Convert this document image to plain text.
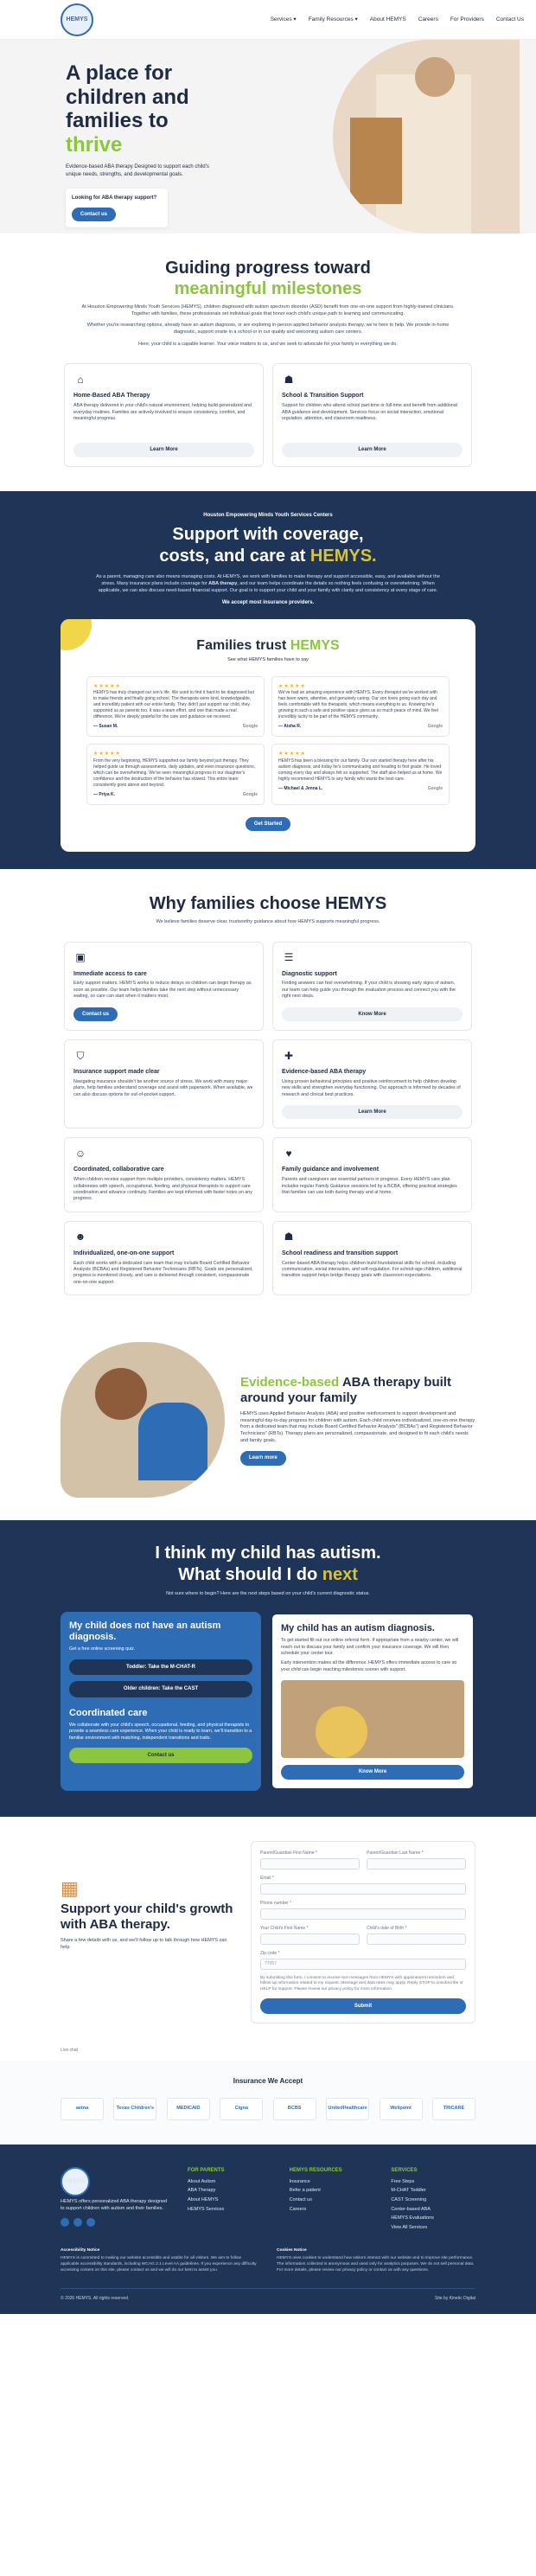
HEMYS	Services ▾ Family Resources ▾ About HEMYS Careers For Providers Contact Us
A place for children and families to thrive

Evidence-based ABA therapy Designed to support each child's unique needs, strengths, and developmental goals.

Looking for ABA therapy support?
Contact us
Guiding progress toward
meaningful milestones

At Houston Empowering Minds Youth Services (HEMYS), children diagnosed with autism spectrum disorder (ASD) benefit from one-on-one support from highly-trained clinicians. Together with families, these professionals set individual goals that honor each child's unique path to learning and communicating.

Whether you're researching options, already have an autism diagnosis, or are exploring in-person applied behavior analysis therapy, we're here to help. We provide in-home diagnostic, support onsite in a school or in our quality and welcoming autism care centers.

Here, your child is a capable learner. Your voice matters to us, and we seek to advocate for your family in everything we do.

⌂
Home-Based ABA Therapy

ABA therapy delivered in your child's natural environment, helping build generalized and everyday routines. Families are actively involved to ensure consistency, comfort, and meaningful progress.

Learn More
☗
School & Transition Support

Support for children who attend school part-time or full-time and benefit from additional ABA guidance and development. Services focus on social interaction, emotional regulation, attention, and classroom readiness.

Learn More
Houston Empowering Minds Youth Services Centers
Support with coverage,
costs, and care at HEMYS.

As a parent, managing care also means managing costs. At HEMYS, we work with families to make therapy and support accessible, easy, and available without the stress. Many insurance plans include coverage for ABA therapy, and our team helps coordinate the details so nothing feels confusing or overwhelming. When applicable, we can also discuss need-based financial support. Our goal is to support your child and your family with clarity and consistency at every stage of care.

We accept most insurance providers.
Families trust HEMYS
See what HEMYS families have to say
★★★★★
HEMYS has truly changed our son's life. We used to find it hard to be diagnosed but to make friends and finally going school. The therapists were kind, knowledgeable, and incredibly patient with our entire family. They didn't just support our child, they supported us as parents too. It was a team effort, and one that made a real difference. We're deeply grateful for the care and guidance we received.
— Susan M.	Google
★★★★★
We've had an amazing experience with HEMYS. Every therapist we've worked with has been warm, attentive, and genuinely caring. Our son loves going each day and feels comfortable with his therapists, which means everything to us. Knowing he's growing in such a safe and positive space gives us so much peace of mind. We feel incredibly lucky to be part of the HEMYS community.
— Aisha R.	Google
★★★★★
From the very beginning, HEMYS supported our family beyond just therapy. They helped guide us through assessments, daily updates, and even insurance questions, which can be overwhelming. We've seen meaningful progress in our daughter's confidence and the destruction of the behavior has slowed. This entire team consistently goes above and beyond.
— Priya K.	Google
★★★★★
HEMYS has been a blessing for our family. Our son started therapy here after his autism diagnosis, and today he's communicating and heading to first grade. He loved coming every day and always felt so supported. The staff also helped us at home. We highly recommend HEMYS to any family who wants the best care.
— Michael & Jenna L.	Google
Get Started
Why families choose HEMYS

We believe families deserve clear, trustworthy guidance about how HEMYS supports meaningful progress.

▣
Immediate access to care

Early support matters. HEMYS works to reduce delays so children can begin therapy as soon as possible. Our team helps families take the next step without unnecessary waiting, so care can start when it matters most.

Contact us
☰
Diagnostic support

Finding answers can feel overwhelming. If your child is showing early signs of autism, our team can help guide you through the evaluation process and connect you with the right next steps.

Know More
⛉
Insurance support made clear

Navigating insurance shouldn't be another source of stress. We work with many major plans, help families understand coverage and assist with paperwork. When available, we can also discuss options for out-of-pocket support.

✚
Evidence-based ABA therapy

Using proven behavioral principles and positive reinforcement to help children develop new skills and strengthen everyday functioning. Our approach is informed by decades of research and clinical best practices.

Learn More
☺
Coordinated, collaborative care

When children receive support from multiple providers, consistency matters. HEMYS collaborates with speech, occupational, feeding, and physical therapists to support care coordination and advance continuity. Families are kept informed with faster notes on any progress.

♥
Family guidance and involvement

Parents and caregivers are essential partners in progress. Every HEMYS care plan includes regular Family Guidance sessions led by a BCBA, offering practical strategies that families can use both during therapy and at home.

☻
Individualized, one-on-one support

Each child works with a dedicated care team that may include Board Certified Behavior Analysts (BCBAs) and Registered Behavior Technicians (RBTs). Goals are personalized, progress is monitored closely, and care is delivered through consistent, compassionate one-on-one support.

☗
School readiness and transition support

Center-based ABA therapy helps children build foundational skills for school, including communication, social interaction, and self-regulation. For school-age children, additional transition support helps bridge therapy goals with classroom expectations.

Evidence-based ABA therapy built around your family

HEMYS uses Applied Behavior Analysis (ABA) and positive reinforcement to support development and meaningful day-to-day progress for children with autism. Each child receives individualized, one-on-one therapy from a dedicated team that may include Board Certified Behavior Analysts" (BCBAs") and Registered Behavior Technicians" (RBTs). Therapy plans are personalized, compassionate, and designed to fit each child's needs and family goals.

Learn more
I think my child has autism.
What should I do next
Not sure where to begin? Here are the next steps based on your child's current diagnostic status.
My child does not have an autism diagnosis.

Get a free online screening quiz.

Toddler: Take the M-CHAT-R
Older children: Take the CAST
Coordinated care

We collaborate with your child's speech, occupational, feeding, and physical therapists to provide a seamless care experience. When your child is ready to learn, we'll transition to a familiar environment with matching, independent transitions and traits.

Contact us
My child has an autism diagnosis.

To get started fill out our online referral form. If appropriate from a nearby center, we will reach out to discuss your family and confirm your insurance coverage. We will then schedule your center tour.

Early intervention makes all the difference. HEMYS offers immediate access to care so your child can begin reaching milestones sooner with support.

Know More
▦
Support your child's growth with ABA therapy.

Share a few details with us, and we'll follow up to talk through how HEMYS can help.

Parent/Guardian First Name *	Parent/Guardian Last Name *
Email *
Phone number *
Your Child's First Name *	Child's date of Birth *
Zip code *
77057
By submitting this form, I consent to receive text messages from HEMYS with appointment reminders and follow-up information related to my request. Message and data rates may apply. Reply STOP to unsubscribe or HELP for support. Please review our privacy policy for more information.
Submit
Live chat
Insurance We Accept
aetna	Texas Children's	MEDICAID	Cigna	BCBS	UnitedHealthcare	Wellpoint	TRICARE
HEMYS
HEMYS offers personalized ABA therapy designed to support children with autism and their families.
FOR PARENTS
About Autism
ABA Therapy
About HEMYS
HEMYS Services
HEMYS RESOURCES
Insurance
Refer a patient
Contact us
Careers
SERVICES
Free Steps
M-CHAT Toddler
CAST Screening
Center-based ABA
HEMYS Evaluations
View All Services
Accessibility Notice
HEMYS is committed to making our website accessible and usable for all visitors. We aim to follow applicable accessibility standards, including WCAG 2.1 Level AA guidelines. If you experience any difficulty accessing content on this site, please contact us and we will do our best to assist you.
Cookies Notice
HEMYS uses cookies to understand how visitors interact with our website and to improve site performance. The information collected is anonymous and used only for analytics purposes. We do not sell personal data. For more details, please review our privacy policy or contact us with any questions.
© 2026 HEMYS. All rights reserved.	Site by Kinetic Digital
